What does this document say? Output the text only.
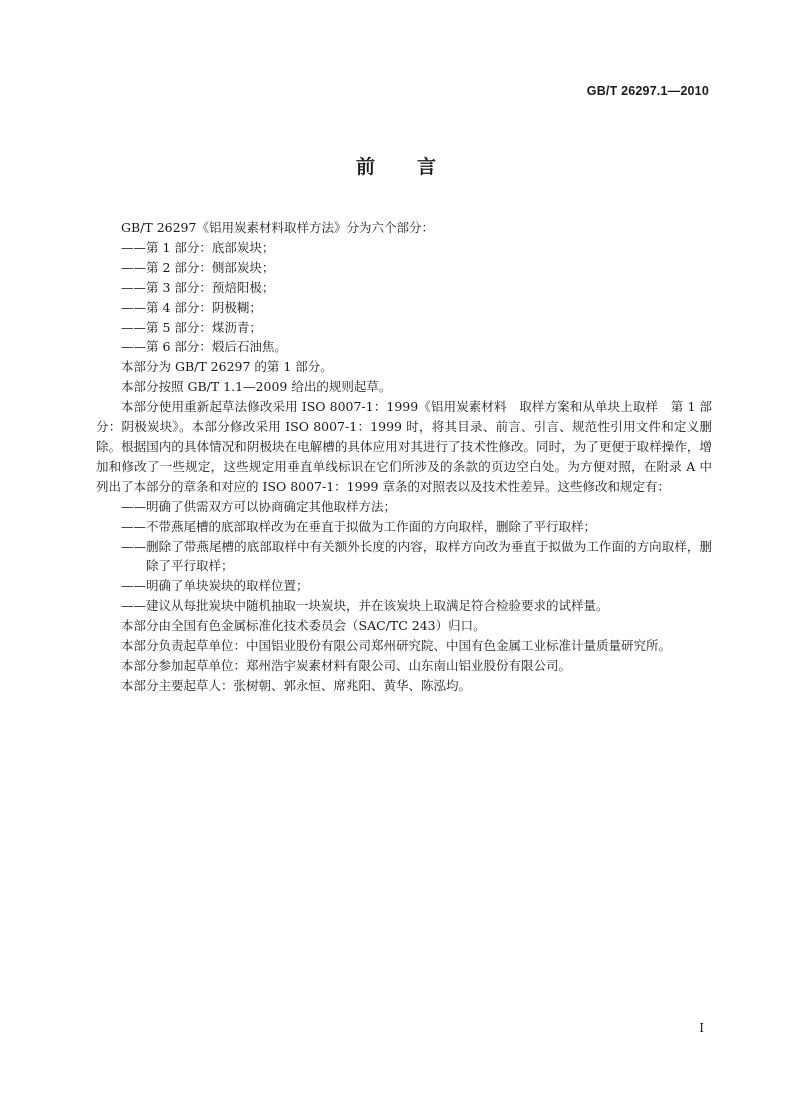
GB/T 26297.1—2010
前言

GB/T 26297《铝用炭素材料取样方法》分为六个部分：

——第 1 部分：底部炭块；

——第 2 部分：侧部炭块；

——第 3 部分：预焙阳极；

——第 4 部分：阴极糊；

——第 5 部分：煤沥青；

——第 6 部分：煅后石油焦。

本部分为 GB/T 26297 的第 1 部分。

本部分按照 GB/T 1.1—2009 给出的规则起草。

本部分使用重新起草法修改采用 ISO 8007-1：1999《铝用炭素材料　取样方案和从单块上取样　第 1 部分：阴极炭块》。本部分修改采用 ISO 8007-1：1999 时，将其目录、前言、引言、规范性引用文件和定义删除。根据国内的具体情况和阴极块在电解槽的具体应用对其进行了技术性修改。同时，为了更便于取样操作，增加和修改了一些规定，这些规定用垂直单线标识在它们所涉及的条款的页边空白处。为方便对照，在附录 A 中列出了本部分的章条和对应的 ISO 8007-1：1999 章条的对照表以及技术性差异。这些修改和规定有：

——明确了供需双方可以协商确定其他取样方法；

——不带燕尾槽的底部取样改为在垂直于拟做为工作面的方向取样，删除了平行取样；

——删除了带燕尾槽的底部取样中有关额外长度的内容，取样方向改为垂直于拟做为工作面的方向取样，删除了平行取样；

——明确了单块炭块的取样位置；

——建议从每批炭块中随机抽取一块炭块，并在该炭块上取满足符合检验要求的试样量。

本部分由全国有色金属标准化技术委员会（SAC/TC 243）归口。

本部分负责起草单位：中国铝业股份有限公司郑州研究院、中国有色金属工业标准计量质量研究所。

本部分参加起草单位：郑州浩宇炭素材料有限公司、山东南山铝业股份有限公司。

本部分主要起草人：张树朝、郭永恒、席兆阳、黄华、陈泓均。

Ⅰ
